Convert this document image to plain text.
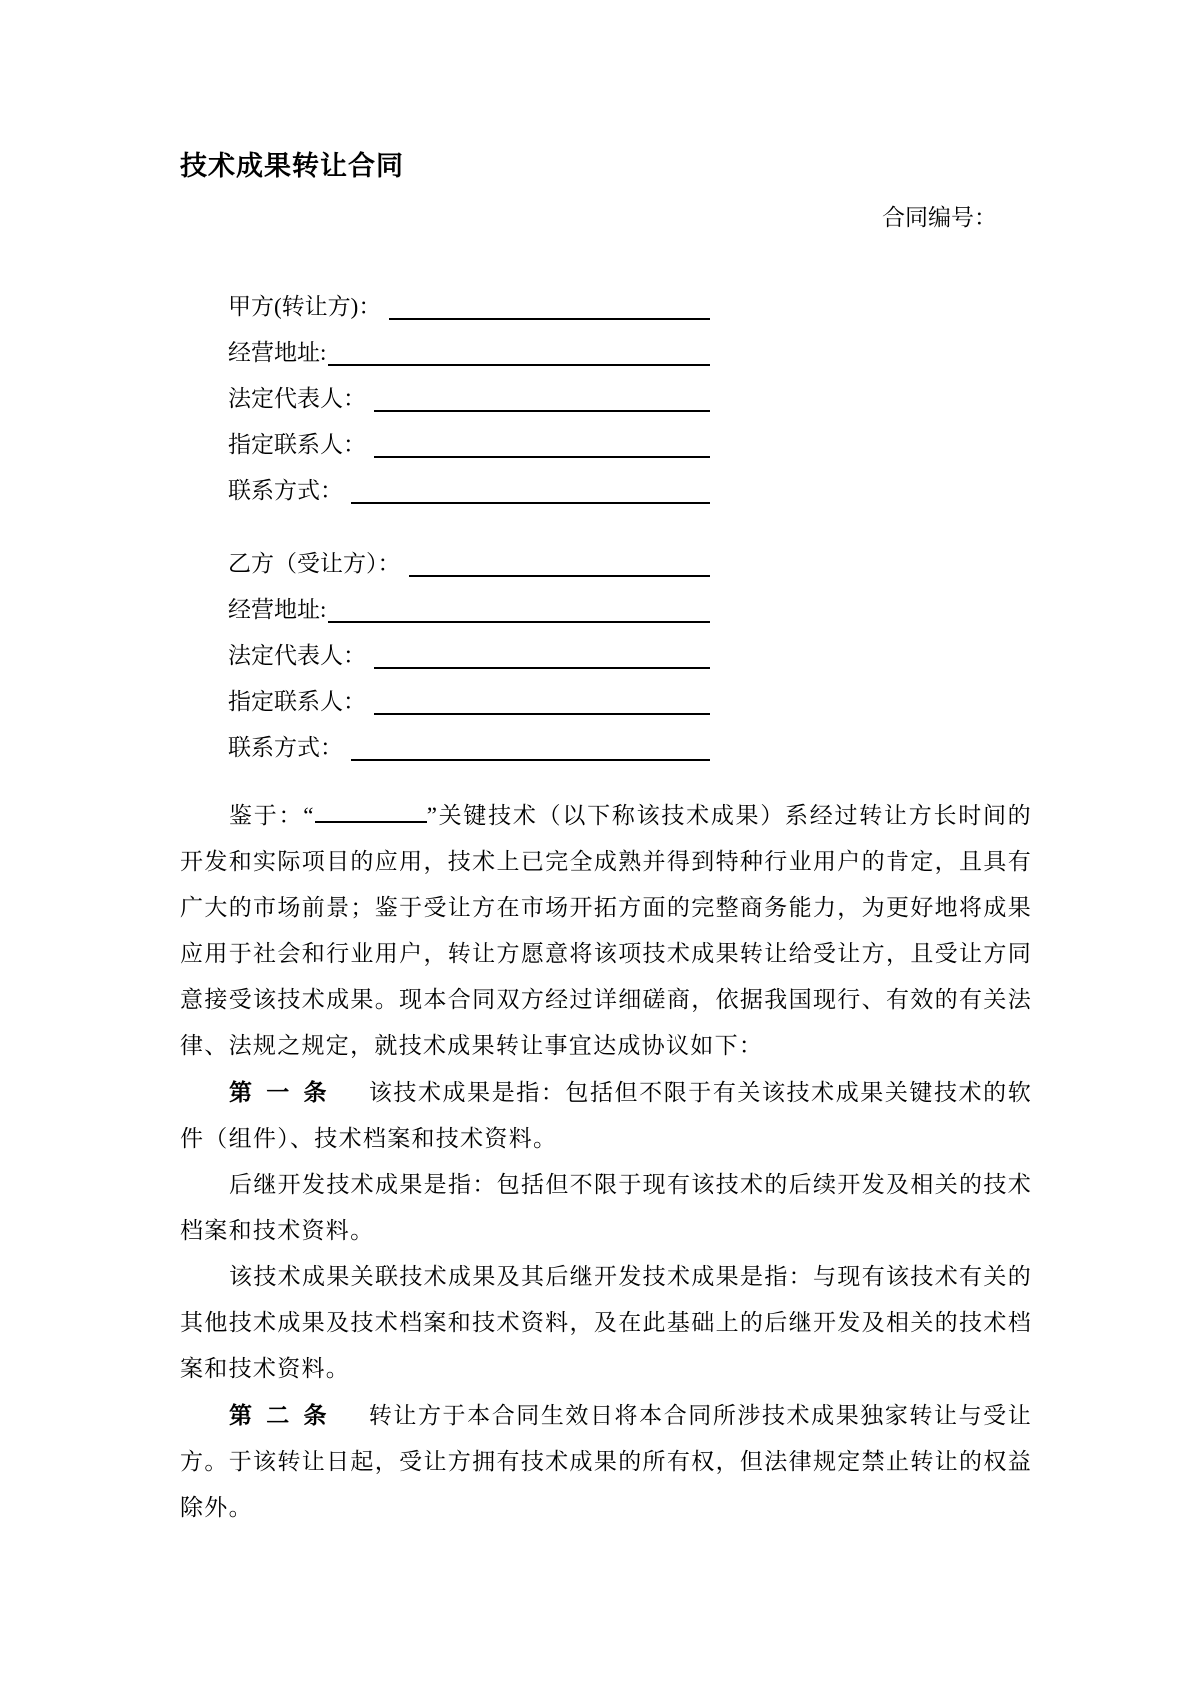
技术成果转让合同
合同编号：
甲方(转让方)：
经营地址:
法定代表人：
指定联系人：
联系方式：
乙方（受让方）：
经营地址:
法定代表人：
指定联系人：
联系方式：

鉴于：“	”关键技术（以下称该技术成果）系经过转让方长时间的开发和实际项目的应用，技术上已完全成熟并得到特种行业用户的肯定，且具有广大的市场前景；鉴于受让方在市场开拓方面的完整商务能力，为更好地将成果应用于社会和行业用户，转让方愿意将该项技术成果转让给受让方，且受让方同意接受该技术成果。现本合同双方经过详细磋商，依据我国现行、有效的有关法律、法规之规定，就技术成果转让事宜达成协议如下：

第一条 该技术成果是指：包括但不限于有关该技术成果关键技术的软件（组件）、技术档案和技术资料。

后继开发技术成果是指：包括但不限于现有该技术的后续开发及相关的技术档案和技术资料。

该技术成果关联技术成果及其后继开发技术成果是指：与现有该技术有关的其他技术成果及技术档案和技术资料，及在此基础上的后继开发及相关的技术档案和技术资料。

第二条 转让方于本合同生效日将本合同所涉技术成果独家转让与受让方。于该转让日起，受让方拥有技术成果的所有权，但法律规定禁止转让的权益除外。
